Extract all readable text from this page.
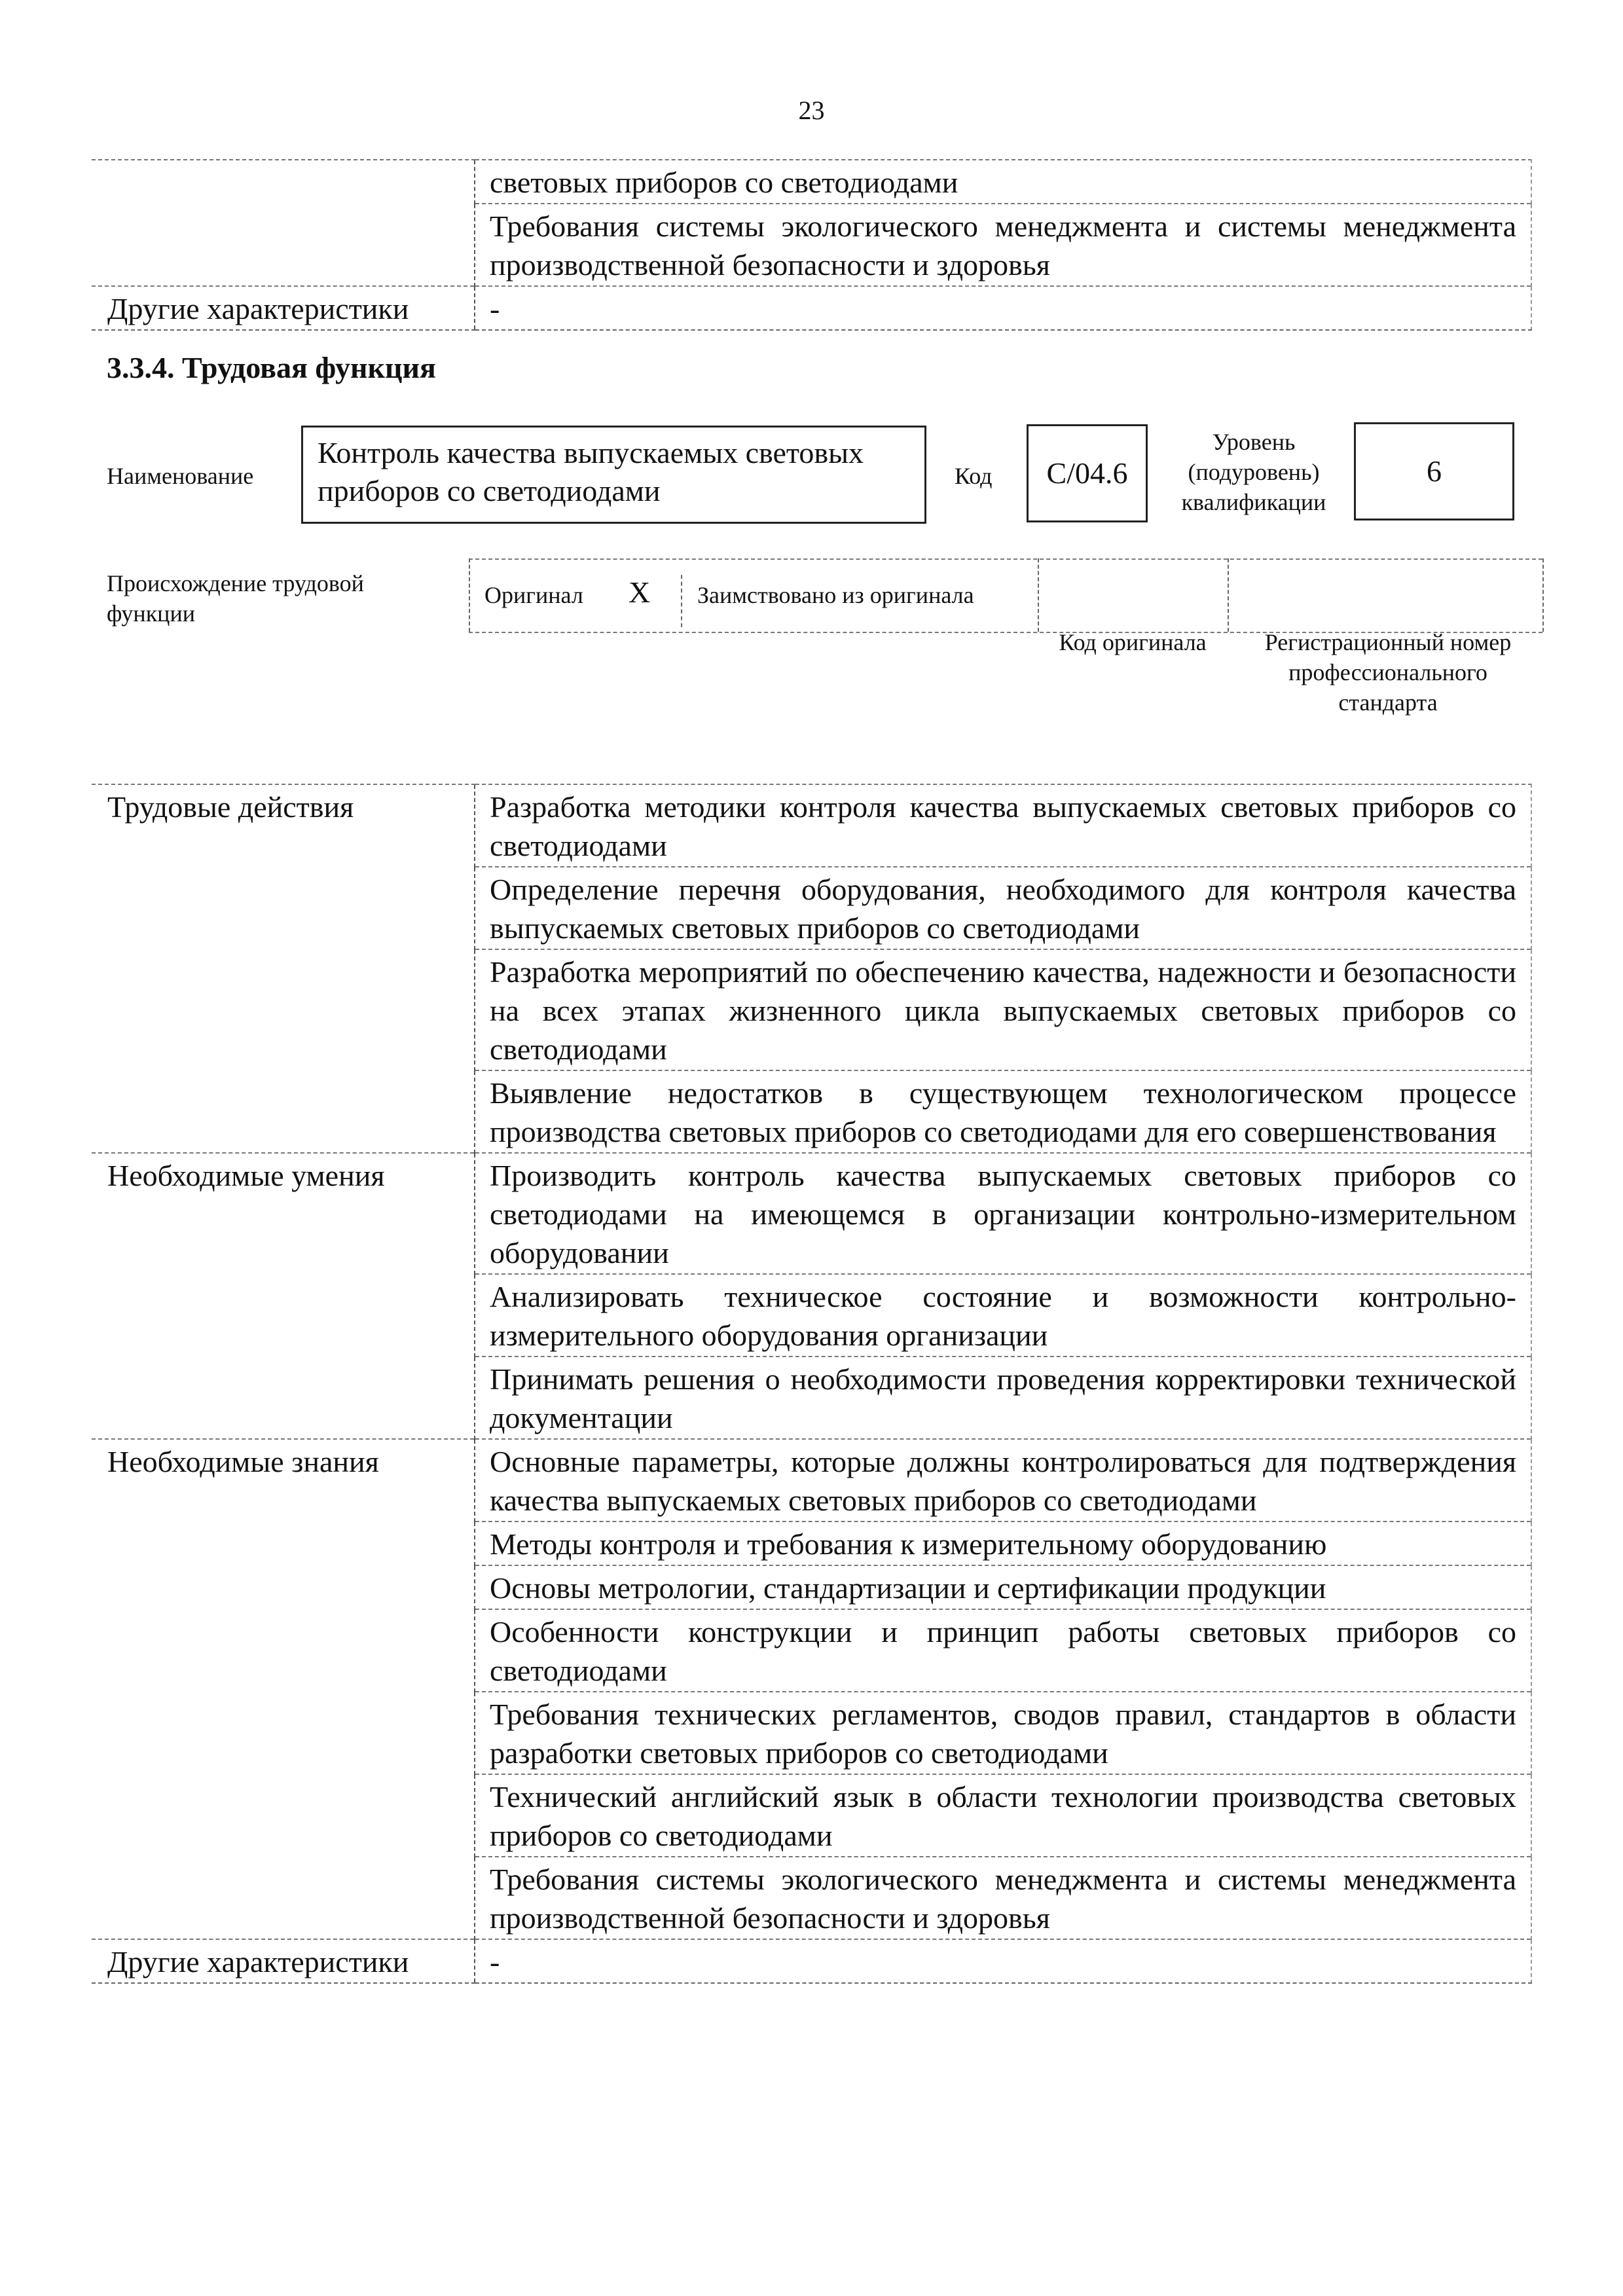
23
	световых приборов со светодиодами
	Требования системы экологического менеджмента и системы менеджмента производственной безопасности и здоровья
Другие характеристики	-
3.3.4. Трудовая функция
Наименование
Контроль качества выпускаемых световых приборов со светодиодами	Код	C/04.6
Уровень (подуровень) квалификации
6
Происхождение трудовой функции
Оригинал X Заимствовано из оригинала
Код оригинала	Регистрационный номер профессионального стандарта
Трудовые действия	Разработка методики контроля качества выпускаемых световых приборов со светодиодами
	Определение перечня оборудования, необходимого для контроля качества выпускаемых световых приборов со светодиодами
	Разработка мероприятий по обеспечению качества, надежности и безопасности на всех этапах жизненного цикла выпускаемых световых приборов со светодиодами
	Выявление недостатков в существующем технологическом процессе производства световых приборов со светодиодами для его совершенствования
Необходимые умения	Производить контроль качества выпускаемых световых приборов со светодиодами на имеющемся в организации контрольно-измерительном оборудовании
	Анализировать техническое состояние и возможности контрольно-измерительного оборудования организации
	Принимать решения о необходимости проведения корректировки технической документации
Необходимые знания	Основные параметры, которые должны контролироваться для подтверждения качества выпускаемых световых приборов со светодиодами
	Методы контроля и требования к измерительному оборудованию
	Основы метрологии, стандартизации и сертификации продукции
	Особенности конструкции и принцип работы световых приборов со светодиодами
	Требования технических регламентов, сводов правил, стандартов в области разработки световых приборов со светодиодами
	Технический английский язык в области технологии производства световых приборов со светодиодами
	Требования системы экологического менеджмента и системы менеджмента производственной безопасности и здоровья
Другие характеристики	-
